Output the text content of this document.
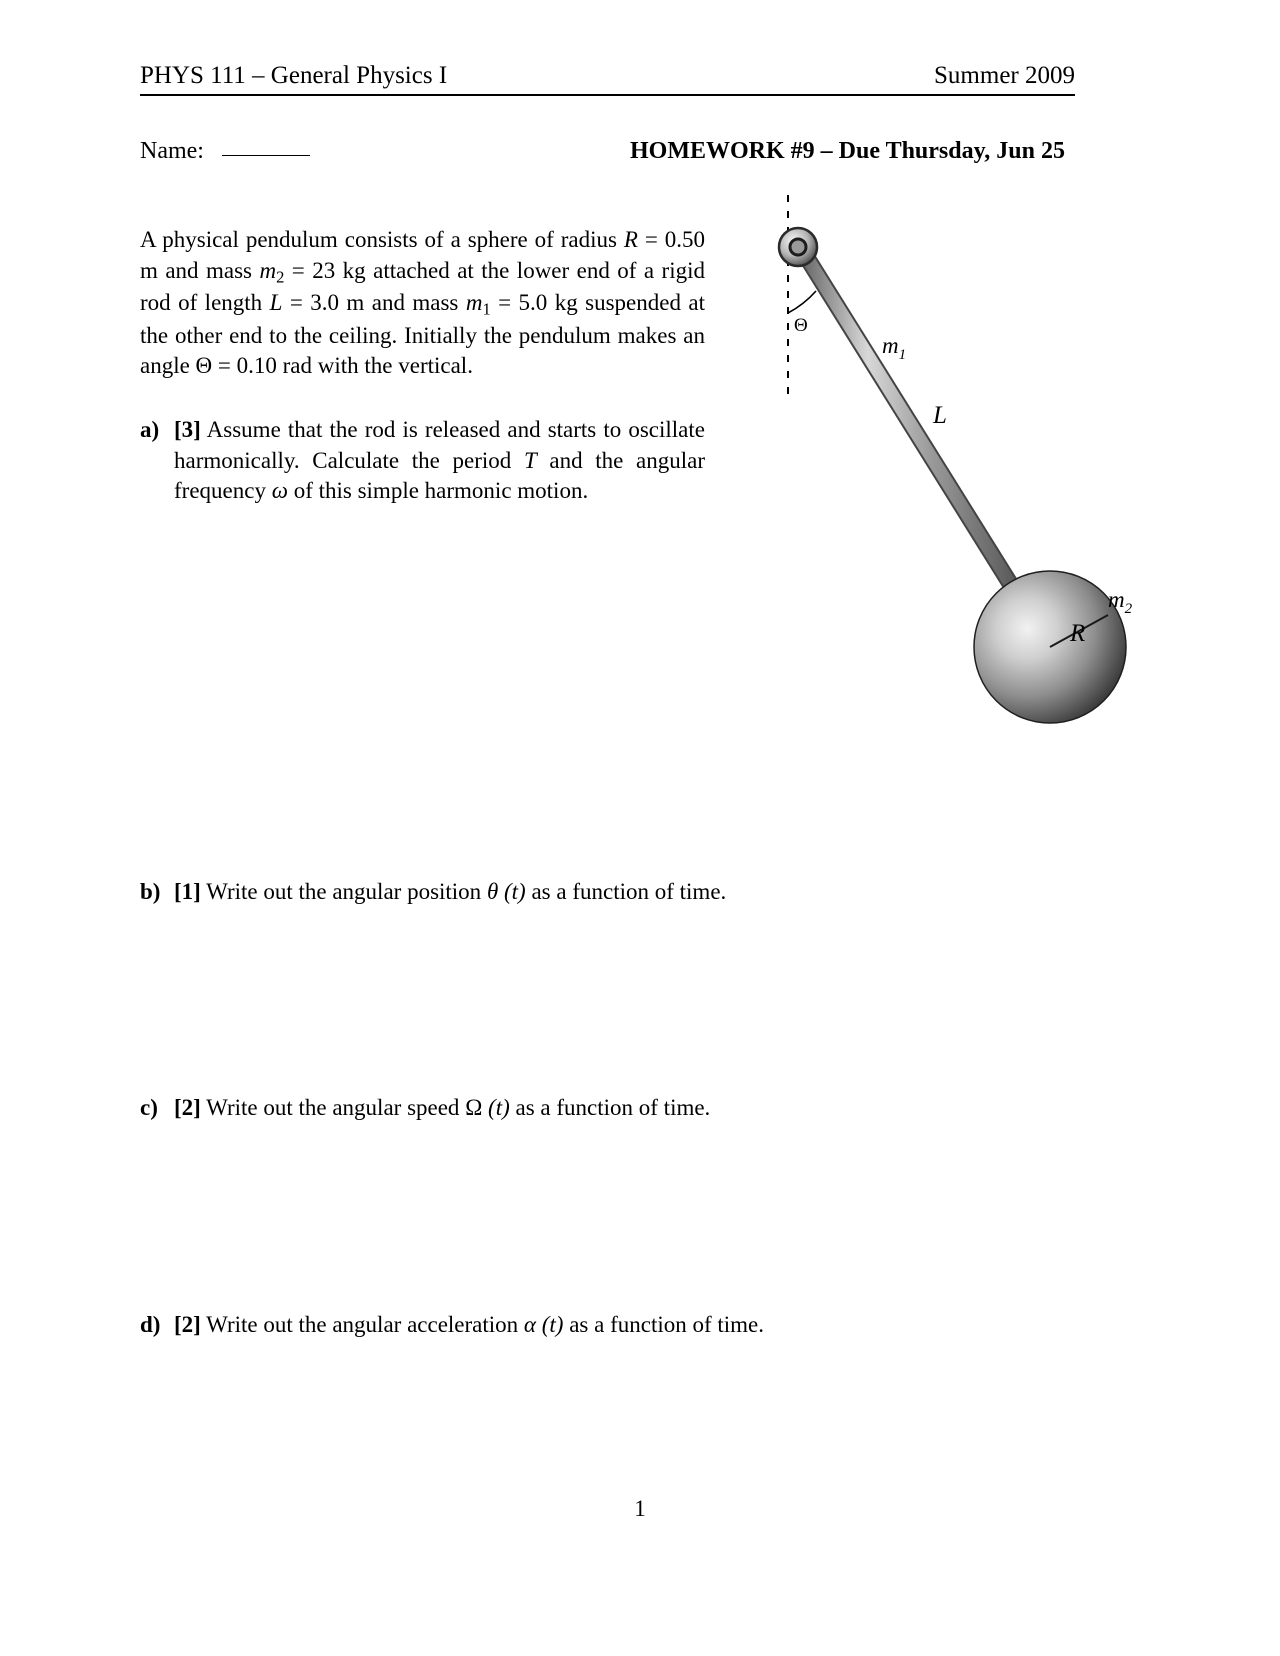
PHYS 111 – General Physics I	Summer 2009
Name:	HOMEWORK #9 – Due Thursday, Jun 25
A physical pendulum consists of a sphere of radius R = 0.50 m and mass $m_2 = 23$ kg attached at the lower end of a rigid rod of length L = 3.0 m and mass $m_1 = 5.0$ kg suspended at the other end to the ceiling. Initially the pendulum makes an angle Θ = 0.10 rad with the vertical.
a) [3] Assume that the rod is released and starts to oscillate harmonically. Calculate the period T and the angular frequency ω of this simple harmonic motion.
b) [1] Write out the angular position θ (t) as a function of time.
c) [2] Write out the angular speed Ω (t) as a function of time.
d) [2] Write out the angular acceleration α (t) as a function of time.
Θ
$m_1$
L
$m_2$
R
1
